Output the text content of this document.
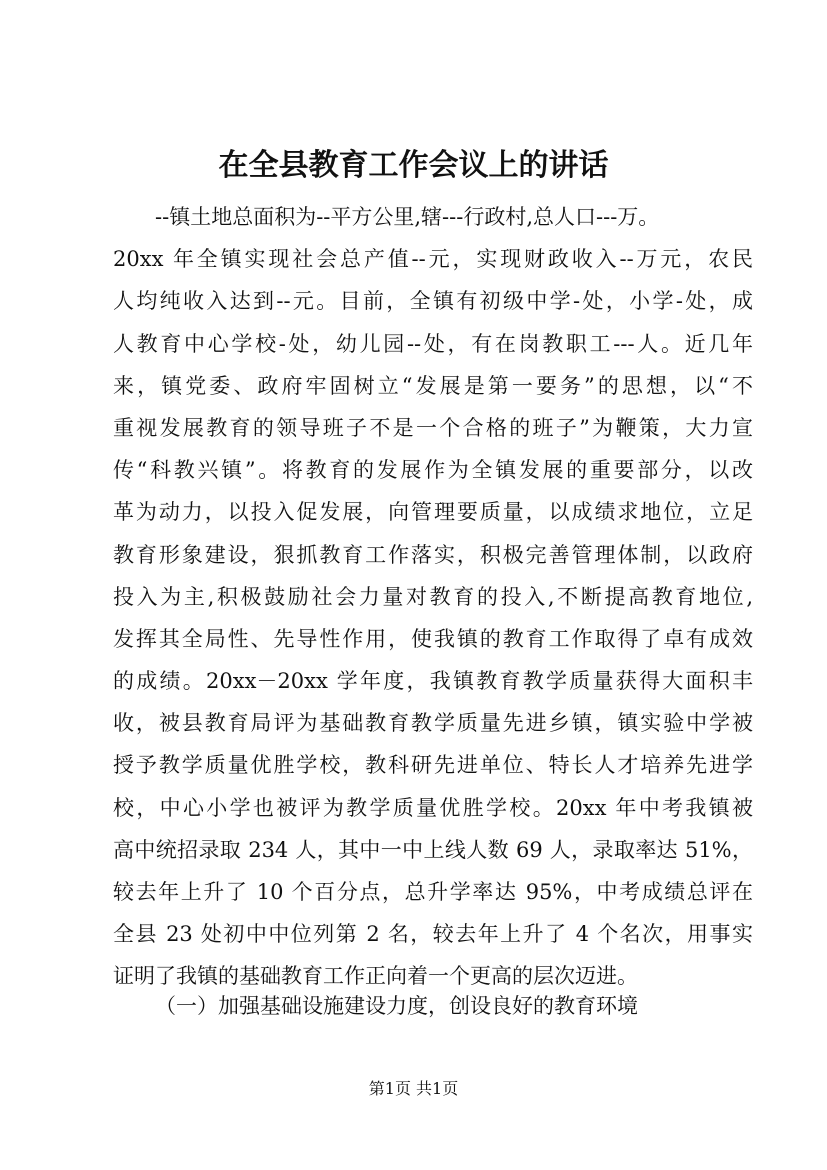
在全县教育工作会议上的讲话
--镇土地总面积为--平方公里,辖---行政村,总人口---万。
20xx 年全镇实现社会总产值--元，实现财政收入--万元，农民
人均纯收入达到--元。目前，全镇有初级中学-处，小学-处，成
人教育中心学校-处，幼儿园--处，有在岗教职工---人。近几年
来，镇党委、政府牢固树立“发展是第一要务”的思想，以“不
重视发展教育的领导班子不是一个合格的班子”为鞭策，大力宣
传“科教兴镇”。将教育的发展作为全镇发展的重要部分，以改
革为动力，以投入促发展，向管理要质量，以成绩求地位，立足
教育形象建设，狠抓教育工作落实，积极完善管理体制，以政府
投入为主,积极鼓励社会力量对教育的投入,不断提高教育地位,
发挥其全局性、先导性作用，使我镇的教育工作取得了卓有成效
的成绩。20xx－20xx 学年度，我镇教育教学质量获得大面积丰
收，被县教育局评为基础教育教学质量先进乡镇，镇实验中学被
授予教学质量优胜学校，教科研先进单位、特长人才培养先进学
校，中心小学也被评为教学质量优胜学校。20xx 年中考我镇被
高中统招录取 234 人，其中一中上线人数 69 人，录取率达 51%，
较去年上升了 10 个百分点，总升学率达 95%，中考成绩总评在
全县 23 处初中中位列第 2 名，较去年上升了 4 个名次，用事实
证明了我镇的基础教育工作正向着一个更高的层次迈进。

（一）加强基础设施建设力度，创设良好的教育环境

第1页 共1页
